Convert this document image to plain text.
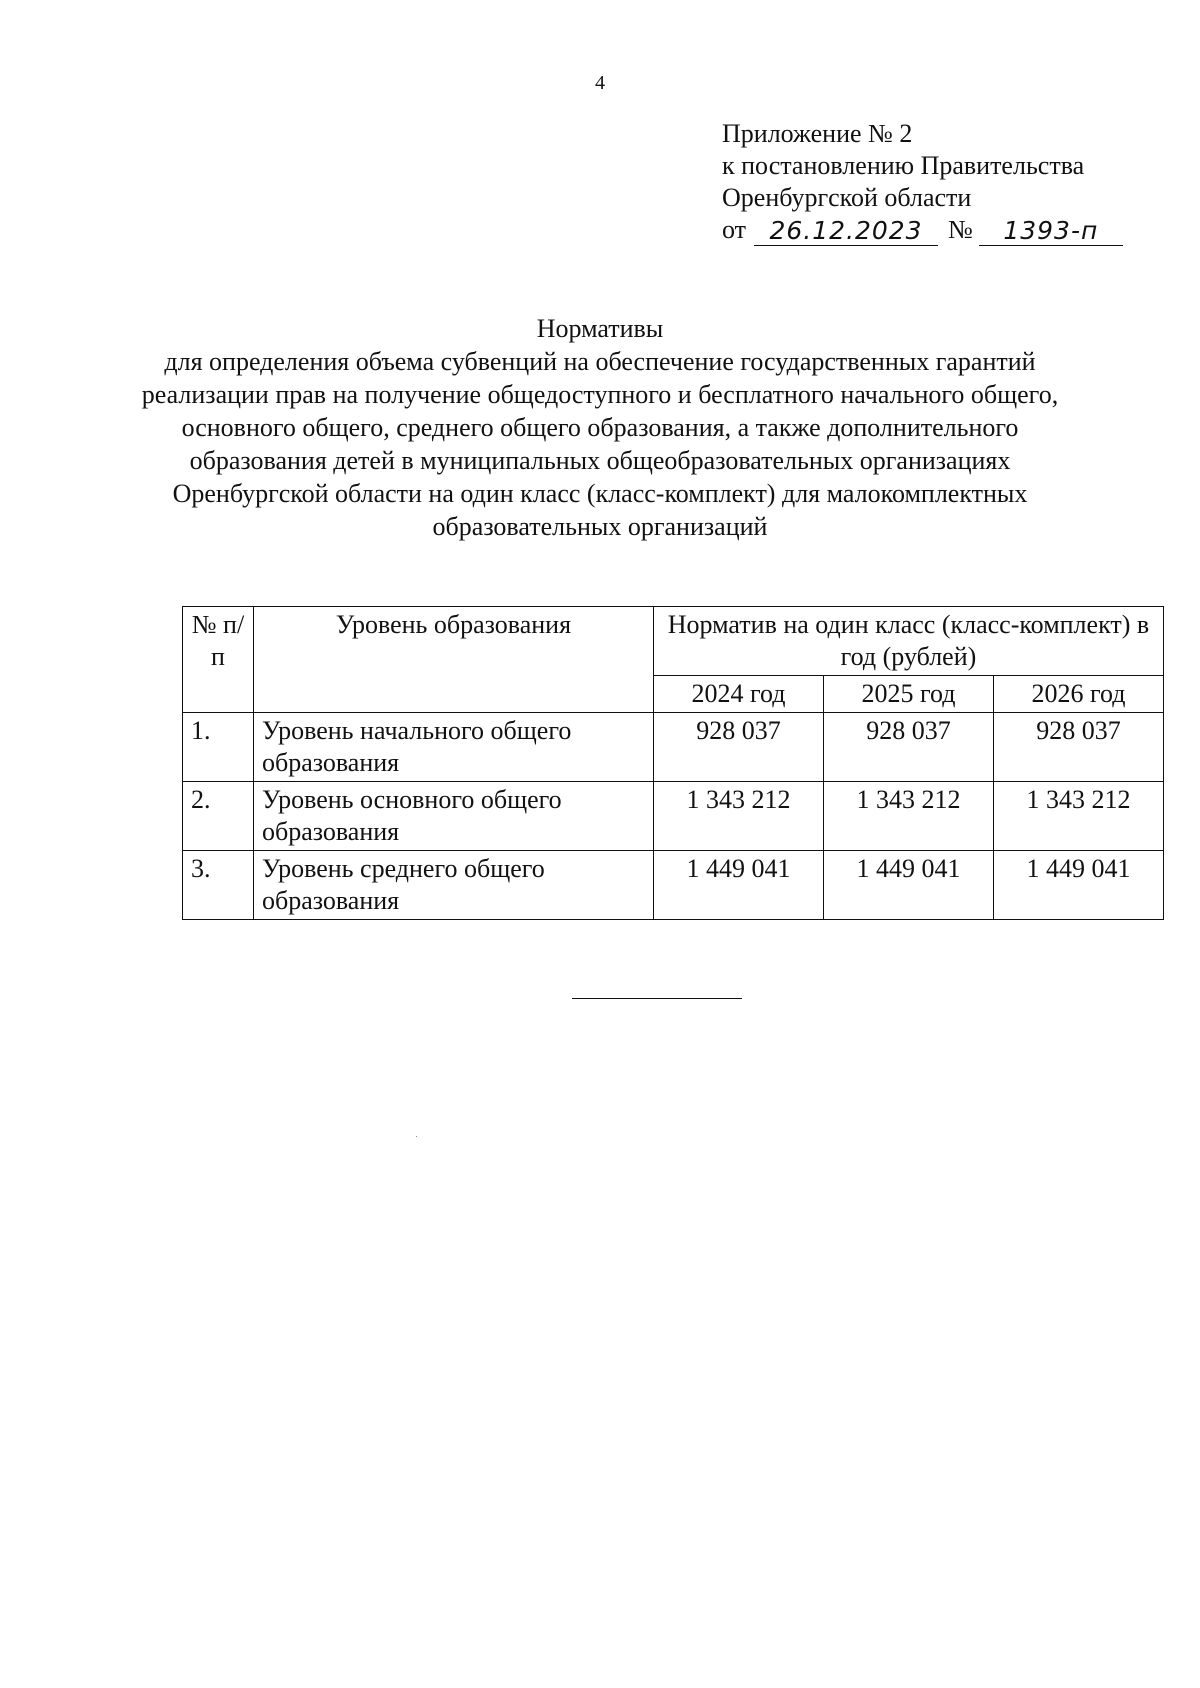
4
Приложение № 2
к постановлению Правительства
Оренбургской области
от 26.12.2023 №	1393-п
Нормативы
для определения объема субвенций на обеспечение государственных гарантий реализации прав на получение общедоступного и бесплатного начального общего, основного общего, среднего общего образования, а также дополнительного образования детей в муниципальных общеобразовательных организациях Оренбургской области на один класс (класс-комплект) для малокомплектных образовательных организаций
№ п/п	Уровень образования	Норматив на один класс (класс-комплект) в год (рублей)		
		2024 год	2025 год	2026 год
1.	Уровень начального общего образования	928 037	928 037	928 037
2.	Уровень основного общего образования	1 343 212	1 343 212	1 343 212
3.	Уровень среднего общего образования	1 449 041	1 449 041	1 449 041
